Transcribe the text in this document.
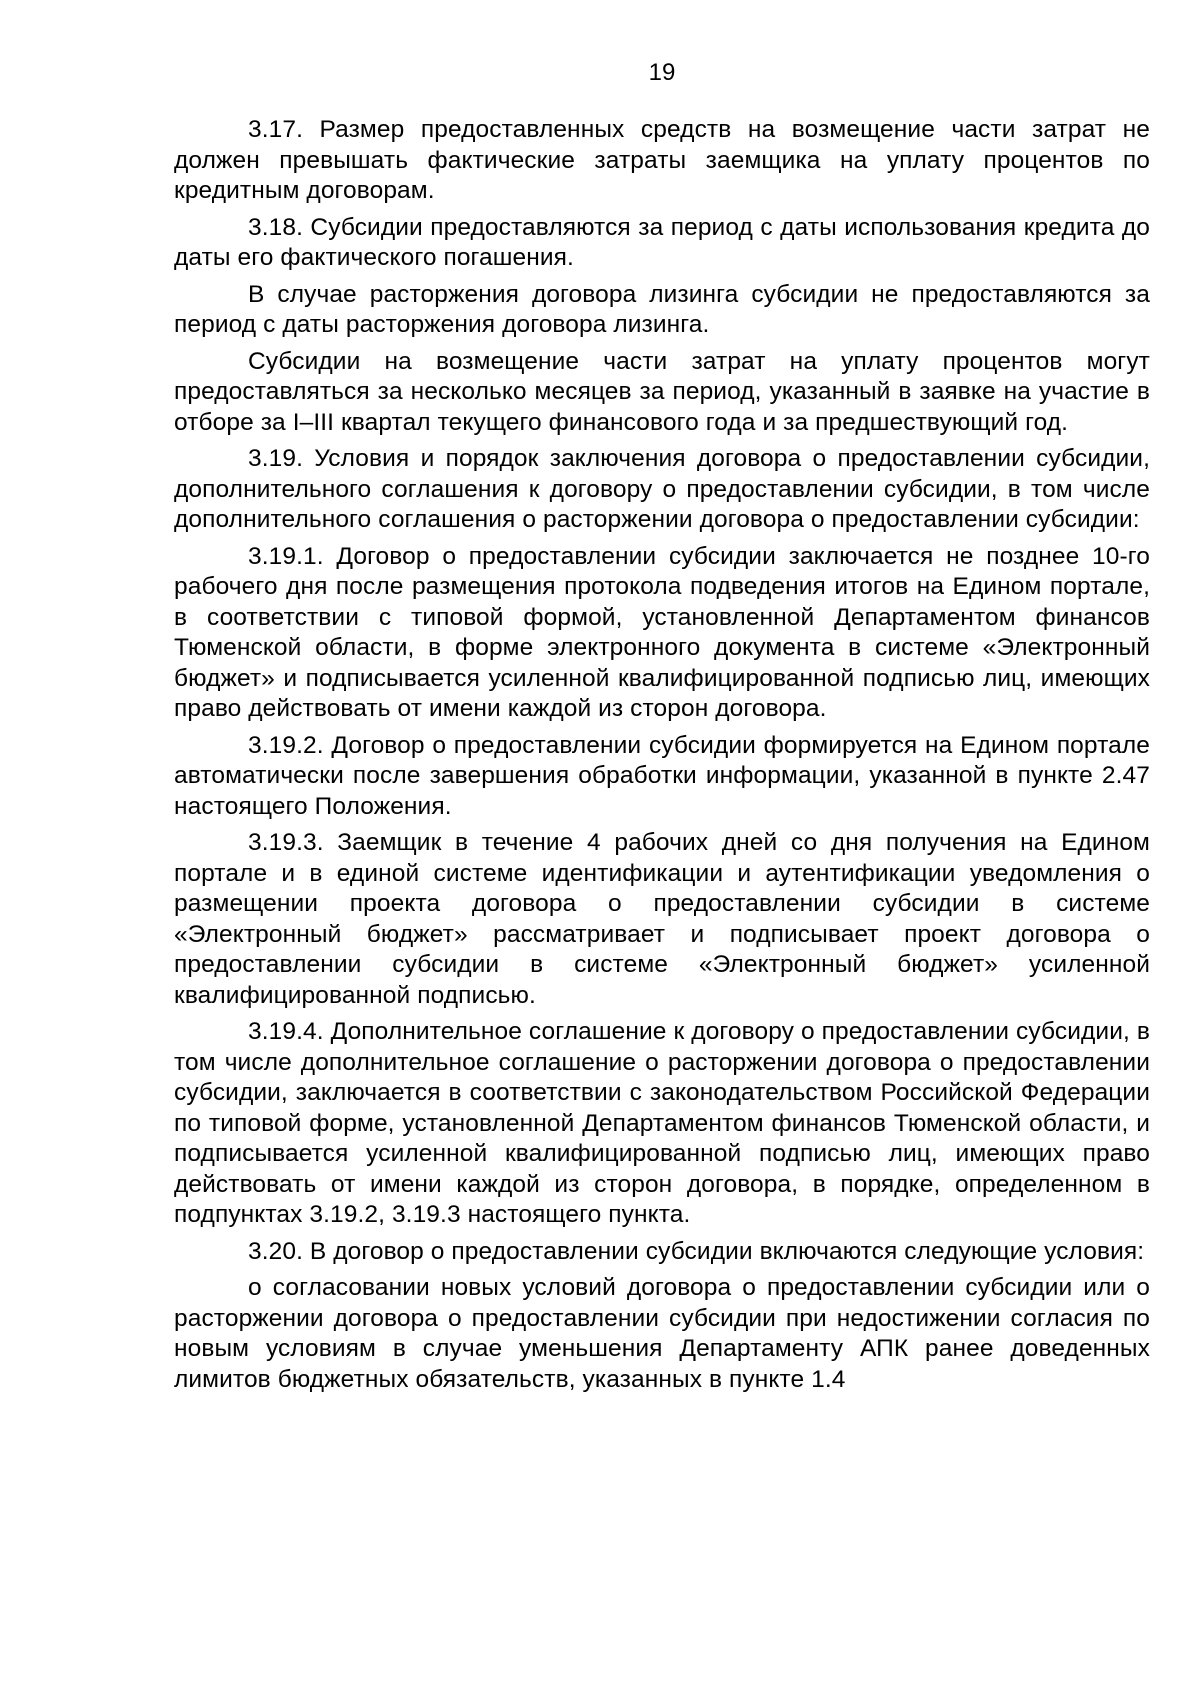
19

3.17. Размер предоставленных средств на возмещение части затрат не должен превышать фактические затраты заемщика на уплату процентов по кредитным договорам.

3.18. Субсидии предоставляются за период с даты использования кредита до даты его фактического погашения.

В случае расторжения договора лизинга субсидии не предоставляются за период с даты расторжения договора лизинга.

Субсидии на возмещение части затрат на уплату процентов могут предоставляться за несколько месяцев за период, указанный в заявке на участие в отборе за I–III квартал текущего финансового года и за предшествующий год.

3.19. Условия и порядок заключения договора о предоставлении субсидии, дополнительного соглашения к договору о предоставлении субсидии, в том числе дополнительного соглашения о расторжении договора о предоставлении субсидии:

3.19.1. Договор о предоставлении субсидии заключается не позднее 10-го рабочего дня после размещения протокола подведения итогов на Едином портале, в соответствии с типовой формой, установленной Департаментом финансов Тюменской области, в форме электронного документа в системе «Электронный бюджет» и подписывается усиленной квалифицированной подписью лиц, имеющих право действовать от имени каждой из сторон договора.

3.19.2. Договор о предоставлении субсидии формируется на Едином портале автоматически после завершения обработки информации, указанной в пункте 2.47 настоящего Положения.

3.19.3. Заемщик в течение 4 рабочих дней со дня получения на Едином портале и в единой системе идентификации и аутентификации уведомления о размещении проекта договора о предоставлении субсидии в системе «Электронный бюджет» рассматривает и подписывает проект договора о предоставлении субсидии в системе «Электронный бюджет» усиленной квалифицированной подписью.

3.19.4. Дополнительное соглашение к договору о предоставлении субсидии, в том числе дополнительное соглашение о расторжении договора о предоставлении субсидии, заключается в соответствии с законодательством Российской Федерации по типовой форме, установленной Департаментом финансов Тюменской области, и подписывается усиленной квалифицированной подписью лиц, имеющих право действовать от имени каждой из сторон договора, в порядке, определенном в подпунктах 3.19.2, 3.19.3 настоящего пункта.

3.20. В договор о предоставлении субсидии включаются следующие условия:

о согласовании новых условий договора о предоставлении субсидии или о расторжении договора о предоставлении субсидии при недостижении согласия по новым условиям в случае уменьшения Департаменту АПК ранее доведенных лимитов бюджетных обязательств, указанных в пункте 1.4
